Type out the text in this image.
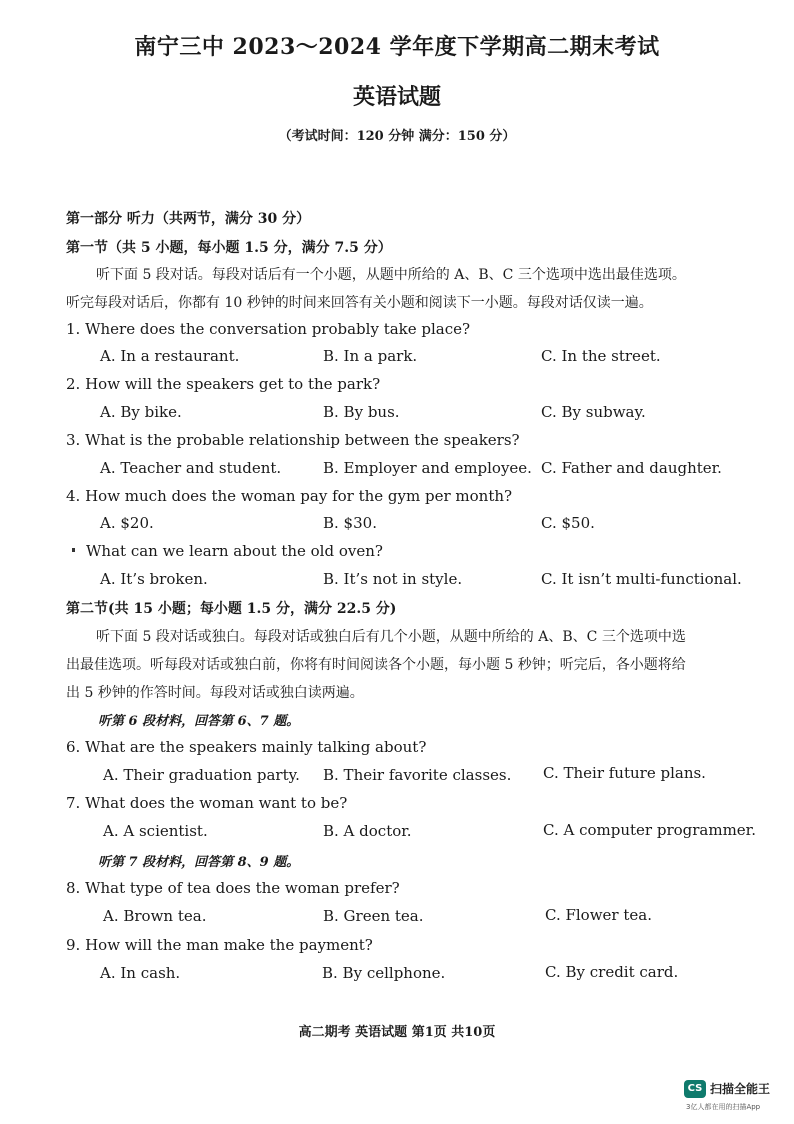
南宁三中 2023～2024 学年度下学期高二期末考试
英语试题
（考试时间：120 分钟 满分：150 分）
第一部分 听力（共两节，满分 30 分）
第一节（共 5 小题，每小题 1.5 分，满分 7.5 分）
听下面 5 段对话。每段对话后有一个小题，从题中所给的 A、B、C 三个选项中选出最佳选项。
听完每段对话后，你都有 10 秒钟的时间来回答有关小题和阅读下一小题。每段对话仅读一遍。
1. Where does the conversation probably take place?
A. In a restaurant.	B. In a park.	C. In the street.
2. How will the speakers get to the park?
A. By bike.	B. By bus.	C. By subway.
3. What is the probable relationship between the speakers?
A. Teacher and student.	B. Employer and employee. C. Father and daughter.
4. How much does the woman pay for the gym per month?
A. $20.	B. $30.	C. $50.
What can we learn about the old oven?
A. It’s broken.	B. It’s not in style.	C. It isn’t multi-functional.
第二节(共 15 小题；每小题 1.5 分，满分 22.5 分)
听下面 5 段对话或独白。每段对话或独白后有几个小题，从题中所给的 A、B、C 三个选项中选
出最佳选项。听每段对话或独白前，你将有时间阅读各个小题，每小题 5 秒钟；听完后，各小题将给
出 5 秒钟的作答时间。每段对话或独白读两遍。
听第 6 段材料，回答第 6、7 题。
6. What are the speakers mainly talking about?
A. Their graduation party. B. Their favorite classes. C. Their future plans.
7. What does the woman want to be?
A. A scientist.	B. A doctor.	C. A computer programmer.
听第 7 段材料，回答第 8、9 题。
8. What type of tea does the woman prefer?
A. Brown tea.	B. Green tea.	C. Flower tea.
9. How will the man make the payment?
A. In cash.	B. By cellphone.	C. By credit card.
高二期考 英语试题 第1页 共10页
CS 扫描全能王
3亿人都在用的扫描App
